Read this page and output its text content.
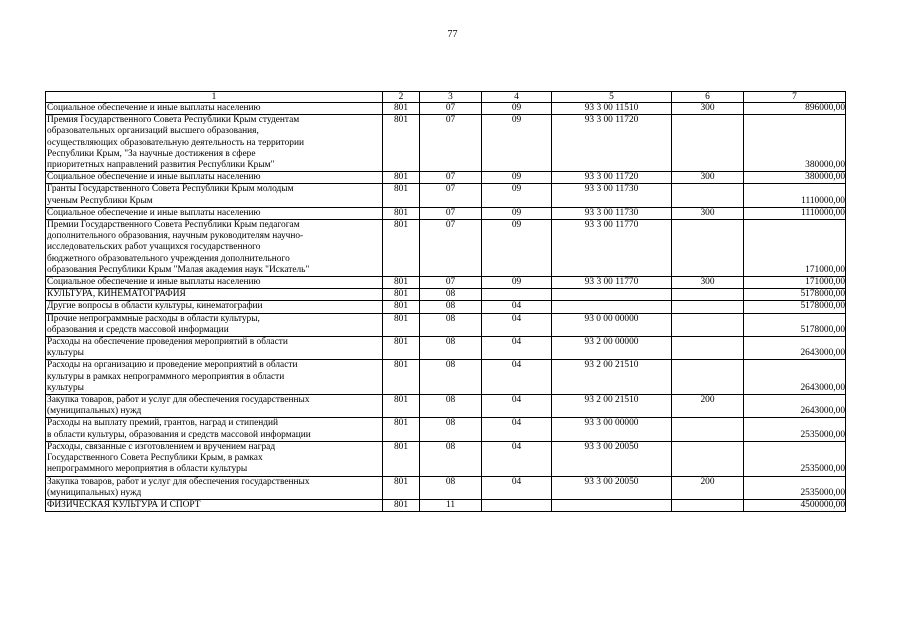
77
1	2	3	4	5	6	7
Социальное обеспечение и иные выплаты населению	801	07	09	93 3 00 11510	300	896000,00
Премия Государственного Совета Республики Крым студентам
образовательных организаций высшего образования,
осуществляющих образовательную деятельность на территории
Республики Крым, "За научные достижения в сфере
приоритетных направлений развития Республики Крым"	801	07	09	93 3 00 11720		380000,00
Социальное обеспечение и иные выплаты населению	801	07	09	93 3 00 11720	300	380000,00
Гранты Государственного Совета Республики Крым молодым
ученым Республики Крым	801	07	09	93 3 00 11730		1110000,00
Социальное обеспечение и иные выплаты населению	801	07	09	93 3 00 11730	300	1110000,00
Премии Государственного Совета Республики Крым педагогам
дополнительного образования, научным руководителям научно-
исследовательских работ учащихся государственного
бюджетного образовательного учреждения дополнительного
образования Республики Крым "Малая академия наук "Искатель"	801	07	09	93 3 00 11770		171000,00
Социальное обеспечение и иные выплаты населению	801	07	09	93 3 00 11770	300	171000,00
КУЛЬТУРА, КИНЕМАТОГРАФИЯ	801	08				5178000,00
Другие вопросы в области культуры, кинематографии	801	08	04			5178000,00
Прочие непрограммные расходы в области культуры,
образования и средств массовой информации	801	08	04	93 0 00 00000		5178000,00
Расходы на обеспечение проведения мероприятий в области
культуры	801	08	04	93 2 00 00000		2643000,00
Расходы на организацию и проведение мероприятий в области
культуры в рамках непрограммного мероприятия в области
культуры	801	08	04	93 2 00 21510		2643000,00
Закупка товаров, работ и услуг для обеспечения государственных
(муниципальных) нужд	801	08	04	93 2 00 21510	200	2643000,00
Расходы на выплату премий, грантов, наград и стипендий
в области культуры, образования и средств массовой информации	801	08	04	93 3 00 00000		2535000,00
Расходы, связанные с изготовлением и вручением наград
Государственного Совета Республики Крым, в рамках
непрограммного мероприятия в области культуры	801	08	04	93 3 00 20050		2535000,00
Закупка товаров, работ и услуг для обеспечения государственных
(муниципальных) нужд	801	08	04	93 3 00 20050	200	2535000,00
ФИЗИЧЕСКАЯ КУЛЬТУРА И СПОРТ	801	11				4500000,00
